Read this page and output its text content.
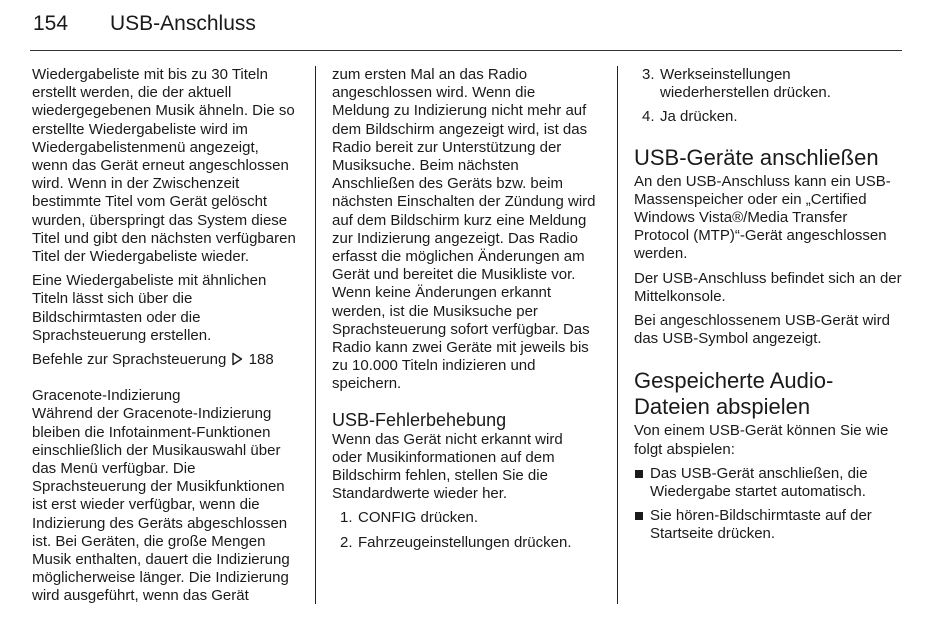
154 USB-Anschluss

Wiedergabeliste mit bis zu 30 Titeln erstellt werden, die der aktuell wiedergegebenen Musik ähneln. Die so erstellte Wiedergabeliste wird im Wiedergabelistenmenü angezeigt, wenn das Gerät erneut angeschlossen wird. Wenn in der Zwischenzeit bestimmte Titel vom Gerät gelöscht wurden, überspringt das System diese Titel und gibt den nächsten verfügbaren Titel der Wiedergabeliste wieder.

Eine Wiedergabeliste mit ähnlichen Titeln lässt sich über die Bildschirmtasten oder die Sprachsteuerung erstellen.

Befehle zur Sprachsteuerung 188

Gracenote-Indizierung

Während der Gracenote-Indizierung bleiben die Infotainment-Funktionen einschließlich der Musikauswahl über das Menü verfügbar. Die Sprachsteuerung der Musikfunktionen ist erst wieder verfügbar, wenn die Indizierung des Geräts abgeschlossen ist. Bei Geräten, die große Mengen Musik enthalten, dauert die Indizierung möglicherweise länger. Die Indizierung wird ausgeführt, wenn das Gerät

zum ersten Mal an das Radio angeschlossen wird. Wenn die Meldung zu Indizierung nicht mehr auf dem Bildschirm angezeigt wird, ist das Radio bereit zur Unterstützung der Musiksuche. Beim nächsten Anschließen des Geräts bzw. beim nächsten Einschalten der Zündung wird auf dem Bildschirm kurz eine Meldung zur Indizierung angezeigt. Das Radio erfasst die möglichen Änderungen am Gerät und bereitet die Musikliste vor. Wenn keine Änderungen erkannt werden, ist die Musiksuche per Sprachsteuerung sofort verfügbar. Das Radio kann zwei Geräte mit jeweils bis zu 10.000 Titeln indizieren und speichern.

USB-Fehlerbehebung

Wenn das Gerät nicht erkannt wird oder Musikinformationen auf dem Bildschirm fehlen, stellen Sie die Standardwerte wieder her.

1. CONFIG drücken.
2. Fahrzeugeinstellungen drücken.
3. Werkseinstellungen wiederherstellen drücken.
4. Ja drücken.

USB-Geräte anschließen

An den USB-Anschluss kann ein USB-Massenspeicher oder ein „Certified Windows Vista®/Media Transfer Protocol (MTP)“-Gerät angeschlossen werden.

Der USB-Anschluss befindet sich an der Mittelkonsole.

Bei angeschlossenem USB-Gerät wird das USB-Symbol angezeigt.

Gespeicherte Audio-Dateien abspielen

Von einem USB-Gerät können Sie wie folgt abspielen:

Das USB-Gerät anschließen, die Wiedergabe startet automatisch.
Sie hören-Bildschirmtaste auf der Startseite drücken.
